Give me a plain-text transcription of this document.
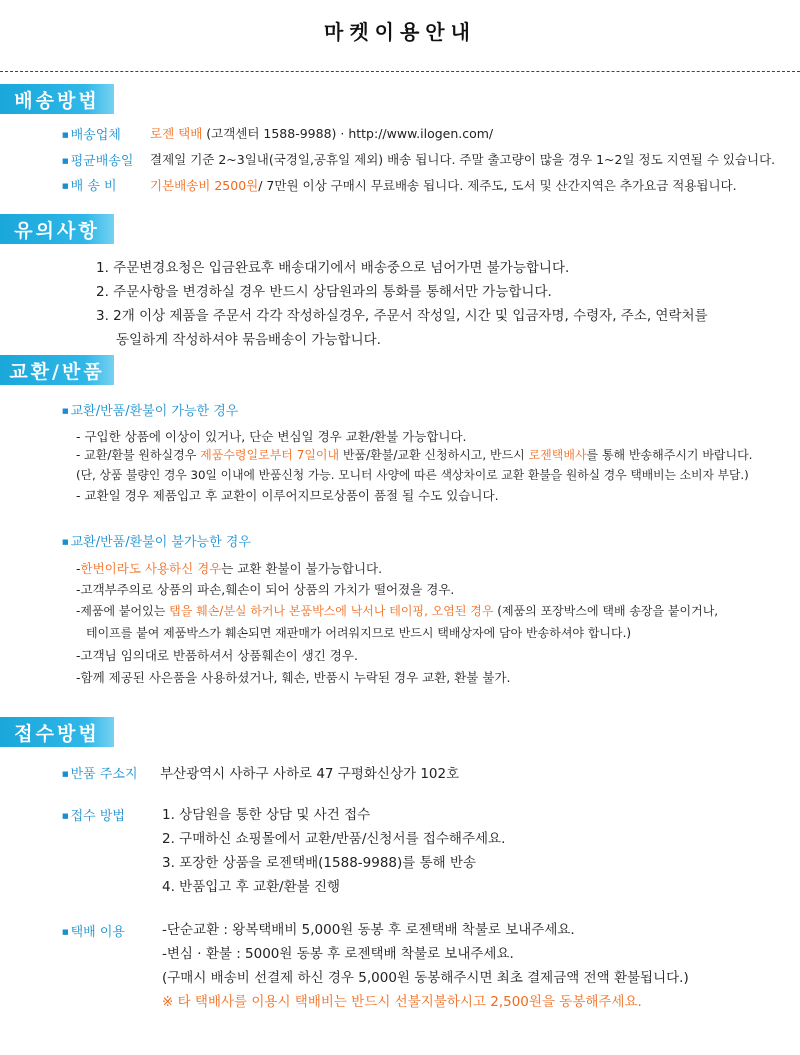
마켓이용안내
배송방법
■ 배송업체 로젠 택배 (고객센터 1588-9988) · http://www.ilogen.com/
■ 평균배송일 결제일 기준 2~3일내(국경일,공휴일 제외) 배송 됩니다. 주말 출고량이 많을 경우 1~2일 정도 지연될 수 있습니다.
■ 배 송 비	기본배송비 2500원/ 7만원 이상 구매시 무료배송 됩니다. 제주도, 도서 및 산간지역은 추가요금 적용됩니다.
유의사항
1. 주문변경요청은 입금완료후 배송대기에서 배송중으로 넘어가면 불가능합니다.
2. 주문사항을 변경하실 경우 반드시 상담원과의 통화를 통해서만 가능합니다.
3. 2개 이상 제품을 주문서 각각 작성하실경우, 주문서 작성일, 시간 및 입금자명, 수령자, 주소, 연락처를
동일하게 작성하셔야 묶음배송이 가능합니다.
교환/반품
■ 교환/반품/환불이 가능한 경우
- 구입한 상품에 이상이 있거나, 단순 변심일 경우 교환/환불 가능합니다.
- 교환/환불 원하실경우 제품수령일로부터 7일이내 반품/환불/교환 신청하시고, 반드시 로젠택배사를 통해 반송해주시기 바랍니다.
(단, 상품 불량인 경우 30일 이내에 반품신청 가능. 모니터 사양에 따른 색상차이로 교환 환불을 원하실 경우 택배비는 소비자 부담.)
- 교환일 경우 제품입고 후 교환이 이루어지므로상품이 품절 될 수도 있습니다.
■ 교환/반품/환불이 불가능한 경우
-한번이라도 사용하신 경우는 교환 환불이 불가능합니다.
-고객부주의로 상품의 파손,훼손이 되어 상품의 가치가 떨어졌을 경우.
-제품에 붙어있는 탭을 훼손/분실 하거나 본품박스에 낙서나 테이핑, 오염된 경우 (제품의 포장박스에 택배 송장을 붙이거나,
테이프를 붙여 제품박스가 훼손되면 재판매가 어려워지므로 반드시 택배상자에 담아 반송하셔야 합니다.)
-고객님 임의대로 반품하셔서 상품훼손이 생긴 경우.
-함께 제공된 사은품을 사용하셨거나, 훼손, 반품시 누락된 경우 교환, 환불 불가.
접수방법
■ 반품 주소지 부산광역시 사하구 사하로 47 구평화신상가 102호
■ 접수 방법	1. 상담원을 통한 상담 및 사건 접수
2. 구매하신 쇼핑몰에서 교환/반품/신청서를 접수해주세요.
3. 포장한 상품을 로젠택배(1588-9988)를 통해 반송
4. 반품입고 후 교환/환불 진행
■ 택배 이용	-단순교환 : 왕복택배비 5,000원 동봉 후 로젠택배 착불로 보내주세요.
-변심 · 환불 : 5000원 동봉 후 로젠택배 착불로 보내주세요.
(구매시 배송비 선결제 하신 경우 5,000원 동봉해주시면 최초 결제금액 전액 환불됩니다.)
※ 타 택배사를 이용시 택배비는 반드시 선불지불하시고 2,500원을 동봉해주세요.
